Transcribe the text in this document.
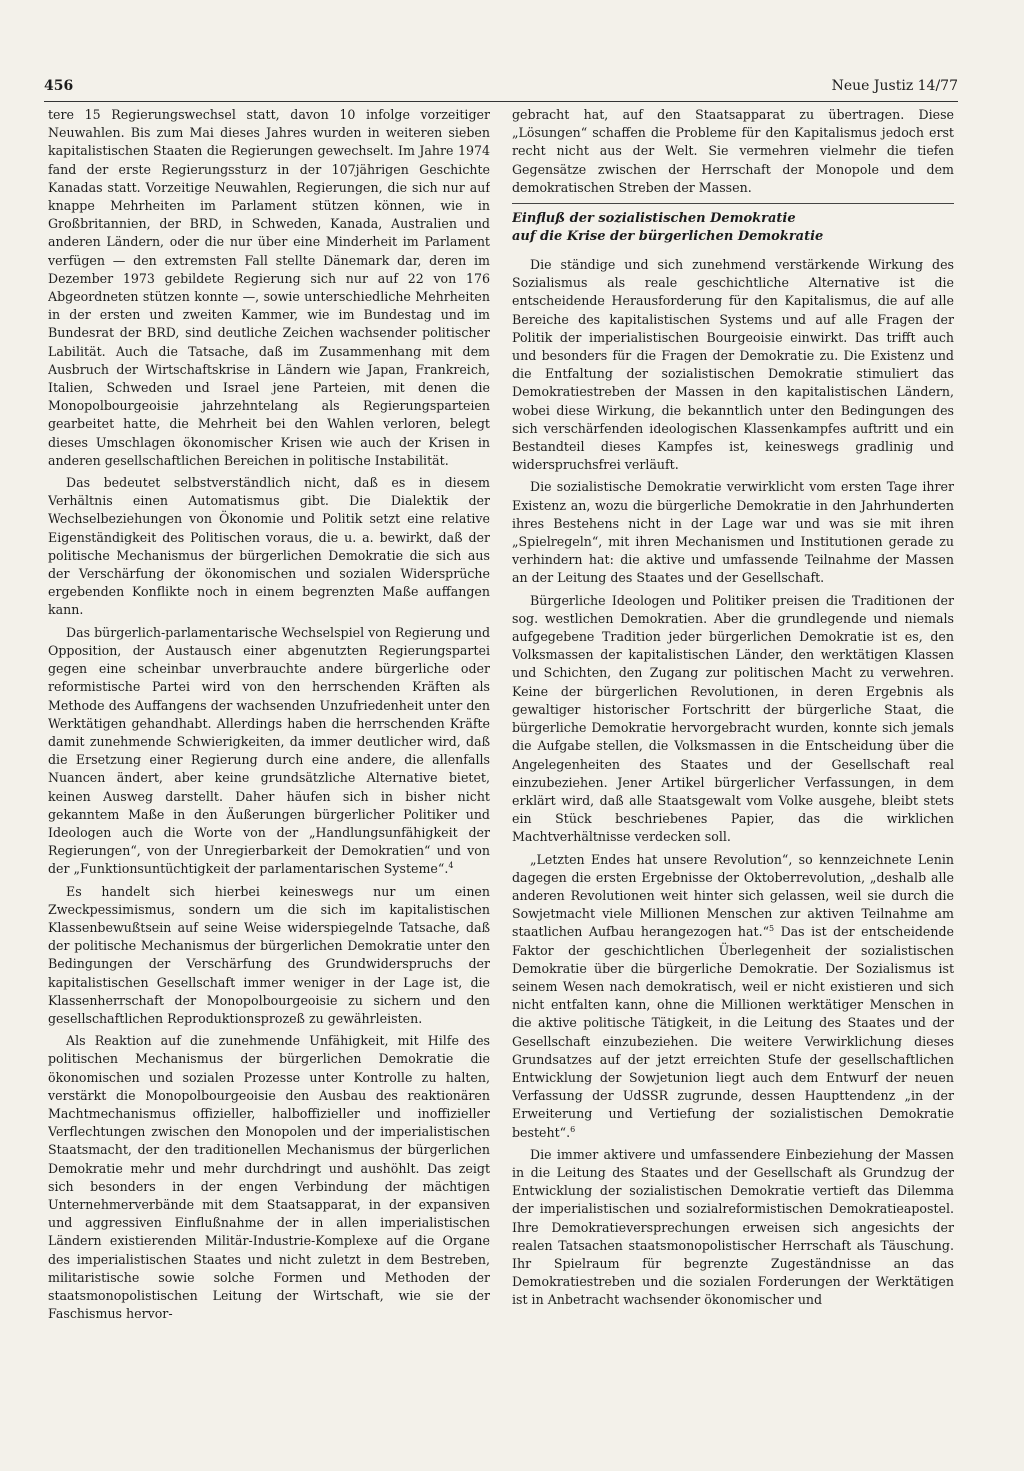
456	Neue Justiz 14/77

tere 15 Regierungswechsel statt, davon 10 infolge vorzeitiger Neuwahlen. Bis zum Mai dieses Jahres wurden in weiteren sieben kapitalistischen Staaten die Regierungen gewechselt. Im Jahre 1974 fand der erste Regierungssturz in der 107jährigen Geschichte Kanadas statt. Vorzeitige Neuwahlen, Regierungen, die sich nur auf knappe Mehrheiten im Parlament stützen können, wie in Großbritannien, der BRD, in Schweden, Kanada, Australien und anderen Ländern, oder die nur über eine Minderheit im Parlament verfügen — den extremsten Fall stellte Dänemark dar, deren im Dezember 1973 gebildete Regierung sich nur auf 22 von 176 Abgeordneten stützen konnte —, sowie unterschiedliche Mehrheiten in der ersten und zweiten Kammer, wie im Bundestag und im Bundesrat der BRD, sind deutliche Zeichen wachsender politischer Labilität. Auch die Tatsache, daß im Zusammenhang mit dem Ausbruch der Wirtschaftskrise in Ländern wie Japan, Frankreich, Italien, Schweden und Israel jene Parteien, mit denen die Monopolbourgeoisie jahrzehntelang als Regierungsparteien gearbeitet hatte, die Mehrheit bei den Wahlen verloren, belegt dieses Umschlagen ökonomischer Krisen wie auch der Krisen in anderen gesellschaftlichen Bereichen in politische Instabilität.

Das bedeutet selbstverständlich nicht, daß es in diesem Verhältnis einen Automatismus gibt. Die Dialektik der Wechselbeziehungen von Ökonomie und Politik setzt eine relative Eigenständigkeit des Politischen voraus, die u. a. bewirkt, daß der politische Mechanismus der bürgerlichen Demokratie die sich aus der Verschärfung der ökonomischen und sozialen Widersprüche ergebenden Konflikte noch in einem begrenzten Maße auffangen kann.

Das bürgerlich-parlamentarische Wechselspiel von Regierung und Opposition, der Austausch einer abgenutzten Regierungspartei gegen eine scheinbar unverbrauchte andere bürgerliche oder reformistische Partei wird von den herrschenden Kräften als Methode des Auffangens der wachsenden Unzufriedenheit unter den Werktätigen gehandhabt. Allerdings haben die herrschenden Kräfte damit zunehmende Schwierigkeiten, da immer deutlicher wird, daß die Ersetzung einer Regierung durch eine andere, die allenfalls Nuancen ändert, aber keine grundsätzliche Alternative bietet, keinen Ausweg darstellt. Daher häufen sich in bisher nicht gekanntem Maße in den Äußerungen bürgerlicher Politiker und Ideologen auch die Worte von der „Handlungsunfähigkeit der Regierungen“, von der Unregierbarkeit der Demokratien“ und von der „Funktionsuntüchtigkeit der parlamentarischen Systeme“.$^4$

Es handelt sich hierbei keineswegs nur um einen Zweckpessimismus, sondern um die sich im kapitalistischen Klassenbewußtsein auf seine Weise widerspiegelnde Tatsache, daß der politische Mechanismus der bürgerlichen Demokratie unter den Bedingungen der Verschärfung des Grundwiderspruchs der kapitalistischen Gesellschaft immer weniger in der Lage ist, die Klassenherrschaft der Monopolbourgeoisie zu sichern und den gesellschaftlichen Reproduktionsprozeß zu gewährleisten.

Als Reaktion auf die zunehmende Unfähigkeit, mit Hilfe des politischen Mechanismus der bürgerlichen Demokratie die ökonomischen und sozialen Prozesse unter Kontrolle zu halten, verstärkt die Monopolbourgeoisie den Ausbau des reaktionären Machtmechanismus offizieller, halboffizieller und inoffizieller Verflechtungen zwischen den Monopolen und der imperialistischen Staatsmacht, der den traditionellen Mechanismus der bürgerlichen Demokratie mehr und mehr durchdringt und aushöhlt. Das zeigt sich besonders in der engen Verbindung der mächtigen Unternehmerverbände mit dem Staatsapparat, in der expansiven und aggressiven Einflußnahme der in allen imperialistischen Ländern existierenden Militär-Industrie-Komplexe auf die Organe des imperialistischen Staates und nicht zuletzt in dem Bestreben, militaristische sowie solche Formen und Methoden der staatsmonopolistischen Leitung der Wirtschaft, wie sie der Faschismus hervor-

gebracht hat, auf den Staatsapparat zu übertragen. Diese „Lösungen“ schaffen die Probleme für den Kapitalismus jedoch erst recht nicht aus der Welt. Sie vermehren vielmehr die tiefen Gegensätze zwischen der Herrschaft der Monopole und dem demokratischen Streben der Massen.

Einfluß der sozialistischen Demokratie
auf die Krise der bürgerlichen Demokratie

Die ständige und sich zunehmend verstärkende Wirkung des Sozialismus als reale geschichtliche Alternative ist die entscheidende Herausforderung für den Kapitalismus, die auf alle Bereiche des kapitalistischen Systems und auf alle Fragen der Politik der imperialistischen Bourgeoisie einwirkt. Das trifft auch und besonders für die Fragen der Demokratie zu. Die Existenz und die Entfaltung der sozialistischen Demokratie stimuliert das Demokratiestreben der Massen in den kapitalistischen Ländern, wobei diese Wirkung, die bekanntlich unter den Bedingungen des sich verschärfenden ideologischen Klassenkampfes auftritt und ein Bestandteil dieses Kampfes ist, keineswegs gradlinig und widerspruchsfrei verläuft.

Die sozialistische Demokratie verwirklicht vom ersten Tage ihrer Existenz an, wozu die bürgerliche Demokratie in den Jahrhunderten ihres Bestehens nicht in der Lage war und was sie mit ihren „Spielregeln“, mit ihren Mechanismen und Institutionen gerade zu verhindern hat: die aktive und umfassende Teilnahme der Massen an der Leitung des Staates und der Gesellschaft.

Bürgerliche Ideologen und Politiker preisen die Traditionen der sog. westlichen Demokratien. Aber die grundlegende und niemals aufgegebene Tradition jeder bürgerlichen Demokratie ist es, den Volksmassen der kapitalistischen Länder, den werktätigen Klassen und Schichten, den Zugang zur politischen Macht zu verwehren. Keine der bürgerlichen Revolutionen, in deren Ergebnis als gewaltiger historischer Fortschritt der bürgerliche Staat, die bürgerliche Demokratie hervorgebracht wurden, konnte sich jemals die Aufgabe stellen, die Volksmassen in die Entscheidung über die Angelegenheiten des Staates und der Gesellschaft real einzubeziehen. Jener Artikel bürgerlicher Verfassungen, in dem erklärt wird, daß alle Staatsgewalt vom Volke ausgehe, bleibt stets ein Stück beschriebenes Papier, das die wirklichen Machtverhältnisse verdecken soll.

„Letzten Endes hat unsere Revolution“, so kennzeichnete Lenin dagegen die ersten Ergebnisse der Oktoberrevolution, „deshalb alle anderen Revolutionen weit hinter sich gelassen, weil sie durch die Sowjetmacht viele Millionen Menschen zur aktiven Teilnahme am staatlichen Aufbau herangezogen hat.“$^5$ Das ist der entscheidende Faktor der geschichtlichen Überlegenheit der sozialistischen Demokratie über die bürgerliche Demokratie. Der Sozialismus ist seinem Wesen nach demokratisch, weil er nicht existieren und sich nicht entfalten kann, ohne die Millionen werktätiger Menschen in die aktive politische Tätigkeit, in die Leitung des Staates und der Gesellschaft einzubeziehen. Die weitere Verwirklichung dieses Grundsatzes auf der jetzt erreichten Stufe der gesellschaftlichen Entwicklung der Sowjetunion liegt auch dem Entwurf der neuen Verfassung der UdSSR zugrunde, dessen Haupttendenz „in der Erweiterung und Vertiefung der sozialistischen Demokratie besteht“.$^6$

Die immer aktivere und umfassendere Einbeziehung der Massen in die Leitung des Staates und der Gesellschaft als Grundzug der Entwicklung der sozialistischen Demokratie vertieft das Dilemma der imperialistischen und sozialreformistischen Demokratieapostel. Ihre Demokratieversprechungen erweisen sich angesichts der realen Tatsachen staatsmonopolistischer Herrschaft als Täuschung. Ihr Spielraum für begrenzte Zugeständnisse an das Demokratiestreben und die sozialen Forderungen der Werktätigen ist in Anbetracht wachsender ökonomischer und
